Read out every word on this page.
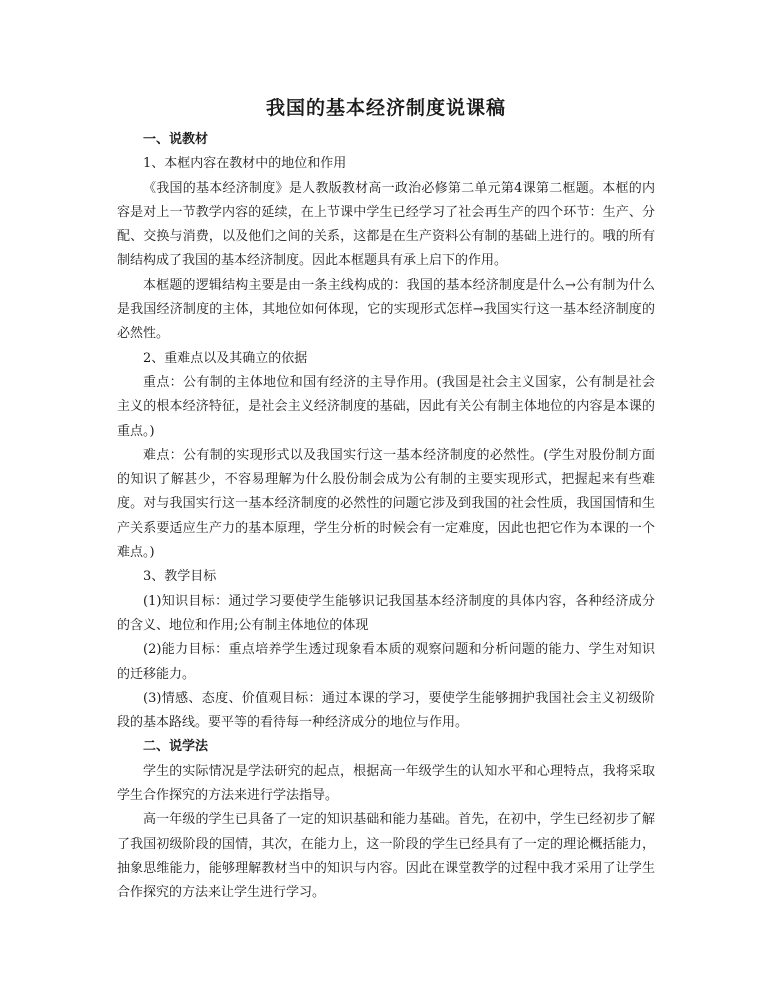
我国的基本经济制度说课稿

一、说教材

1、本框内容在教材中的地位和作用

《我国的基本经济制度》是人教版教材高一政治必修第二单元第4课第二框题。本框的内容是对上一节教学内容的延续，在上节课中学生已经学习了社会再生产的四个环节：生产、分配、交换与消费，以及他们之间的关系，这都是在生产资料公有制的基础上进行的。哦的所有制结构成了我国的基本经济制度。因此本框题具有承上启下的作用。

本框题的逻辑结构主要是由一条主线构成的：我国的基本经济制度是什么→公有制为什么是我国经济制度的主体，其地位如何体现，它的实现形式怎样→我国实行这一基本经济制度的必然性。

2、重难点以及其确立的依据

重点：公有制的主体地位和国有经济的主导作用。(我国是社会主义国家，公有制是社会主义的根本经济特征，是社会主义经济制度的基础，因此有关公有制主体地位的内容是本课的重点。)

难点：公有制的实现形式以及我国实行这一基本经济制度的必然性。(学生对股份制方面的知识了解甚少，不容易理解为什么股份制会成为公有制的主要实现形式，把握起来有些难度。对与我国实行这一基本经济制度的必然性的问题它涉及到我国的社会性质，我国国情和生产关系要适应生产力的基本原理，学生分析的时候会有一定难度，因此也把它作为本课的一个难点。)

3、教学目标

(1)知识目标：通过学习要使学生能够识记我国基本经济制度的具体内容，各种经济成分的含义、地位和作用;公有制主体地位的体现

(2)能力目标：重点培养学生透过现象看本质的观察问题和分析问题的能力、学生对知识的迁移能力。

(3)情感、态度、价值观目标：通过本课的学习，要使学生能够拥护我国社会主义初级阶段的基本路线。要平等的看待每一种经济成分的地位与作用。

二、说学法

学生的实际情况是学法研究的起点，根据高一年级学生的认知水平和心理特点，我将采取学生合作探究的方法来进行学法指导。

高一年级的学生已具备了一定的知识基础和能力基础。首先，在初中，学生已经初步了解了我国初级阶段的国情，其次，在能力上，这一阶段的学生已经具有了一定的理论概括能力，抽象思维能力，能够理解教材当中的知识与内容。因此在课堂教学的过程中我才采用了让学生合作探究的方法来让学生进行学习。
